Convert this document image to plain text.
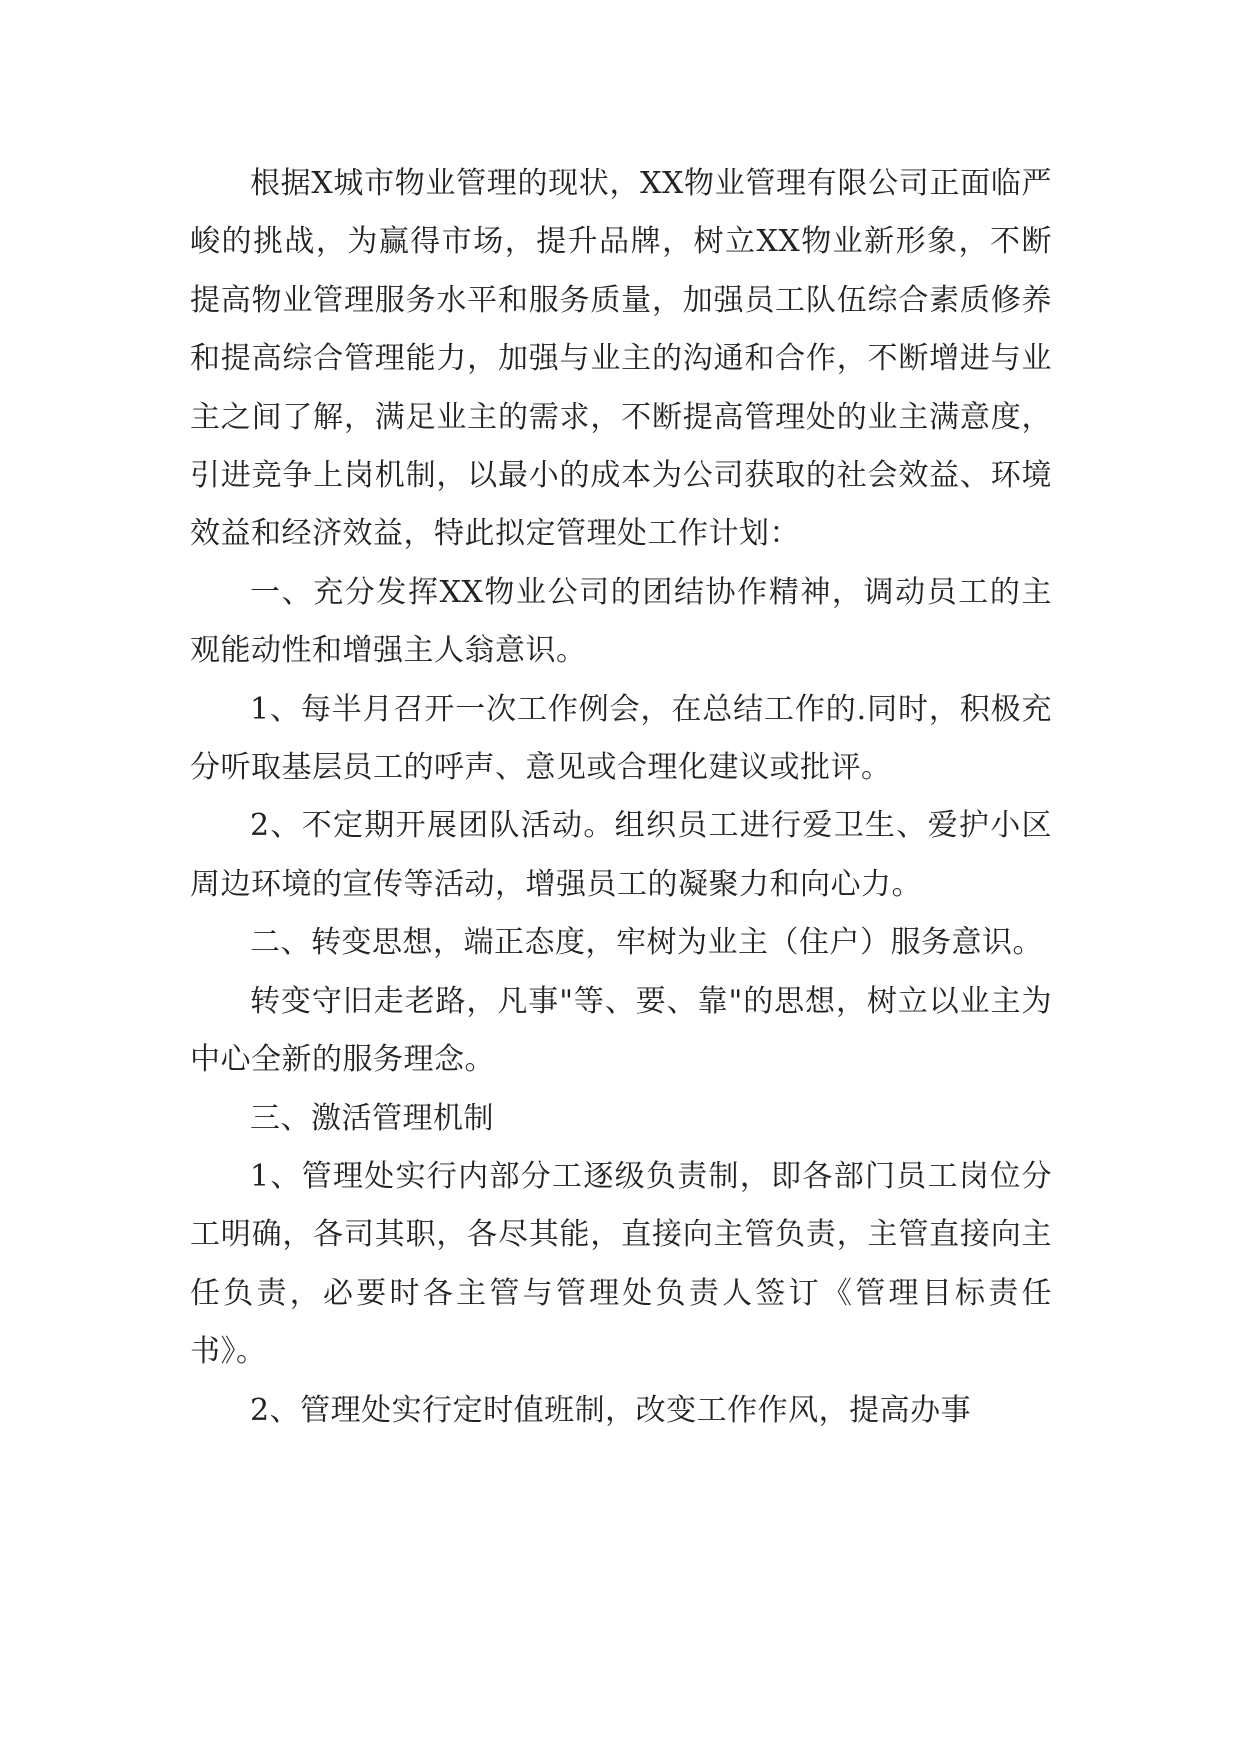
根据X城市物业管理的现状，XX物业管理有限公司正面临严峻的挑战，为赢得市场，提升品牌，树立XX物业新形象，不断提高物业管理服务水平和服务质量，加强员工队伍综合素质修养和提高综合管理能力，加强与业主的沟通和合作，不断增进与业主之间了解，满足业主的需求，不断提高管理处的业主满意度，引进竞争上岗机制，以最小的成本为公司获取的社会效益、环境效益和经济效益，特此拟定管理处工作计划：

一、充分发挥XX物业公司的团结协作精神，调动员工的主观能动性和增强主人翁意识。

1、每半月召开一次工作例会，在总结工作的.同时，积极充分听取基层员工的呼声、意见或合理化建议或批评。

2、不定期开展团队活动。组织员工进行爱卫生、爱护小区周边环境的宣传等活动，增强员工的凝聚力和向心力。

二、转变思想，端正态度，牢树为业主（住户）服务意识。

转变守旧走老路，凡事"等、要、靠"的思想，树立以业主为中心全新的服务理念。

三、激活管理机制

1、管理处实行内部分工逐级负责制，即各部门员工岗位分工明确，各司其职，各尽其能，直接向主管负责，主管直接向主任负责，必要时各主管与管理处负责人签订《管理目标责任书》。

2、管理处实行定时值班制，改变工作作风，提高办事
